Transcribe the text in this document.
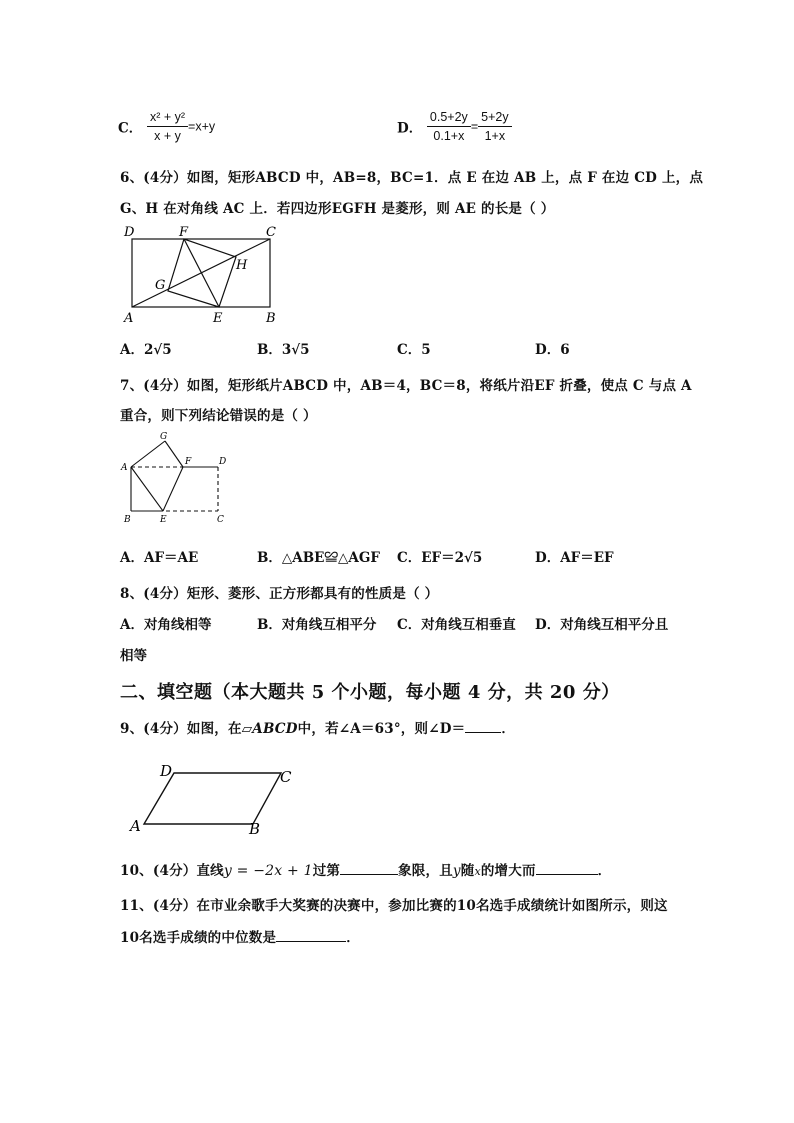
C． $\frac{\text{x² + y²}}{x + y} =x+y$	D． $\frac{0.5+2y}{0.1+x} = \frac{5+2y}{1+x}$
6、(4分）如图，矩形ABCD 中，AB=8，BC=1．点 E 在边 AB 上，点 F 在边 CD 上，点
G、H 在对角线 AC 上．若四边形EGFH 是菱形，则 AE 的长是（ ）
D	F	C
H
G
A	E	B
A．2√5	B．3√5	C．5	D．6
7、(4分）如图，矩形纸片ABCD 中，AB＝4，BC＝8，将纸片沿EF 折叠，使点 C 与点 A
重合，则下列结论错误的是（ ）
G
A
F	D
B	E	C
A．AF＝AE	B．△ABE≌△AGF C．EF＝2√5	D．AF＝EF
8、(4分）矩形、菱形、正方形都具有的性质是（ ）
A．对角线相等	B．对角线互相平分 C．对角线互相垂直 D．对角线互相平分且
相等
二、填空题（本大题共 5 个小题，每小题 4 分，共 20 分）
9、(4分）如图，在▱ABCD中，若∠A＝63°，则∠D＝	．
D	C
A	B
10、(4分）直线y = −2x + 1过第	象限，且y随x的增大而	．
11、(4分）在市业余歌手大奖赛的决赛中，参加比赛的10名选手成绩统计如图所示，则这
10名选手成绩的中位数是	．
